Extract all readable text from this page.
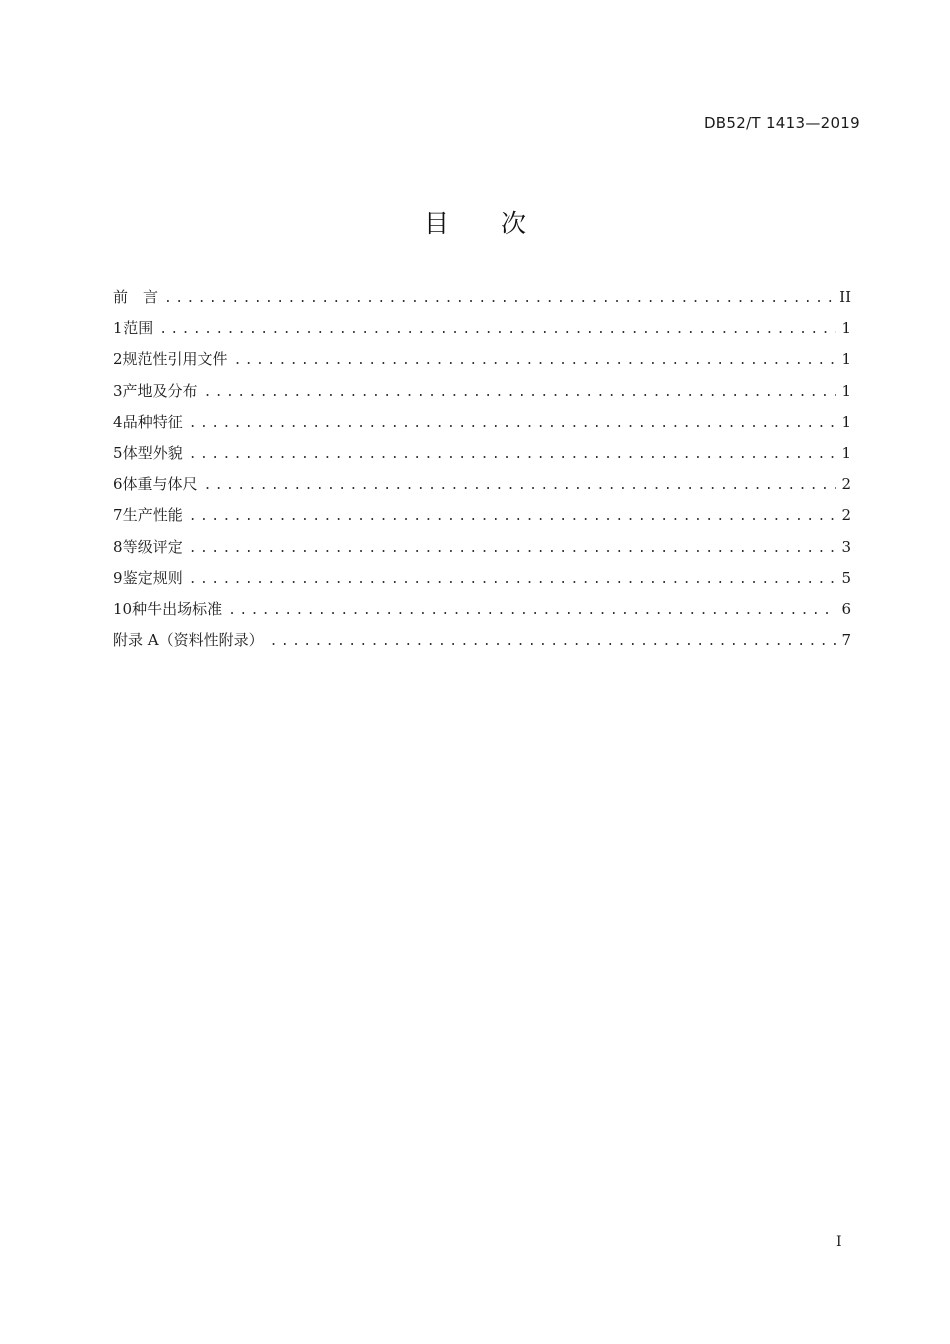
DB52/T 1413—2019
目次
前　言 .....	II
1 范围 .....	1
2 规范性引用文件 .....	1
3 产地及分布 .....	1
4 品种特征 .....	1
5 体型外貌 .....	1
6 体重与体尺 .....	2
7 生产性能 .....	2
8 等级评定 .....	3
9 鉴定规则 .....	5
10 种牛出场标准 .....	6
附录 A（资料性附录） .....	7
I
